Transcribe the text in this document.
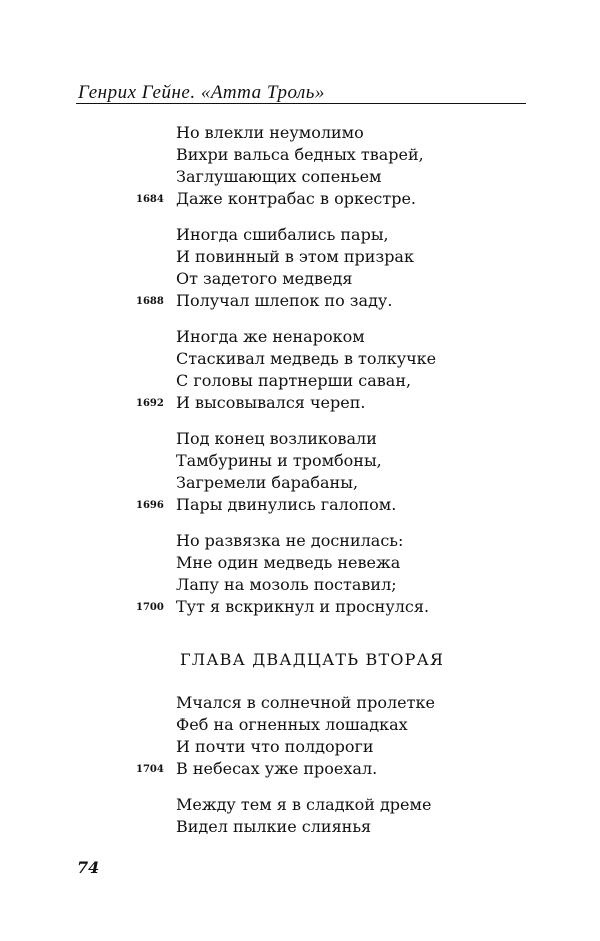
Генрих Гейне. «Атта Троль»
Но влекли неумолимо
Вихри вальса бедных тварей,
Заглушающих сопеньем
1684 Даже контрабас в оркестре.
Иногда сшибались пары,
И повинный в этом призрак
От задетого медведя
1688 Получал шлепок по заду.
Иногда же ненароком
Стаскивал медведь в толкучке
С головы партнерши саван,
1692 И высовывался череп.
Под конец возликовали
Тамбурины и тромбоны,
Загремели барабаны,
1696 Пары двинулись галопом.
Но развязка не доснилась:
Мне один медведь невежа
Лапу на мозоль поставил;
1700 Тут я вскрикнул и проснулся.
ГЛАВА ДВАДЦАТЬ ВТОРАЯ
Мчался в солнечной пролетке
Феб на огненных лошадках
И почти что полдороги
1704 В небесах уже проехал.
Между тем я в сладкой дреме
Видел пылкие слиянья
74
